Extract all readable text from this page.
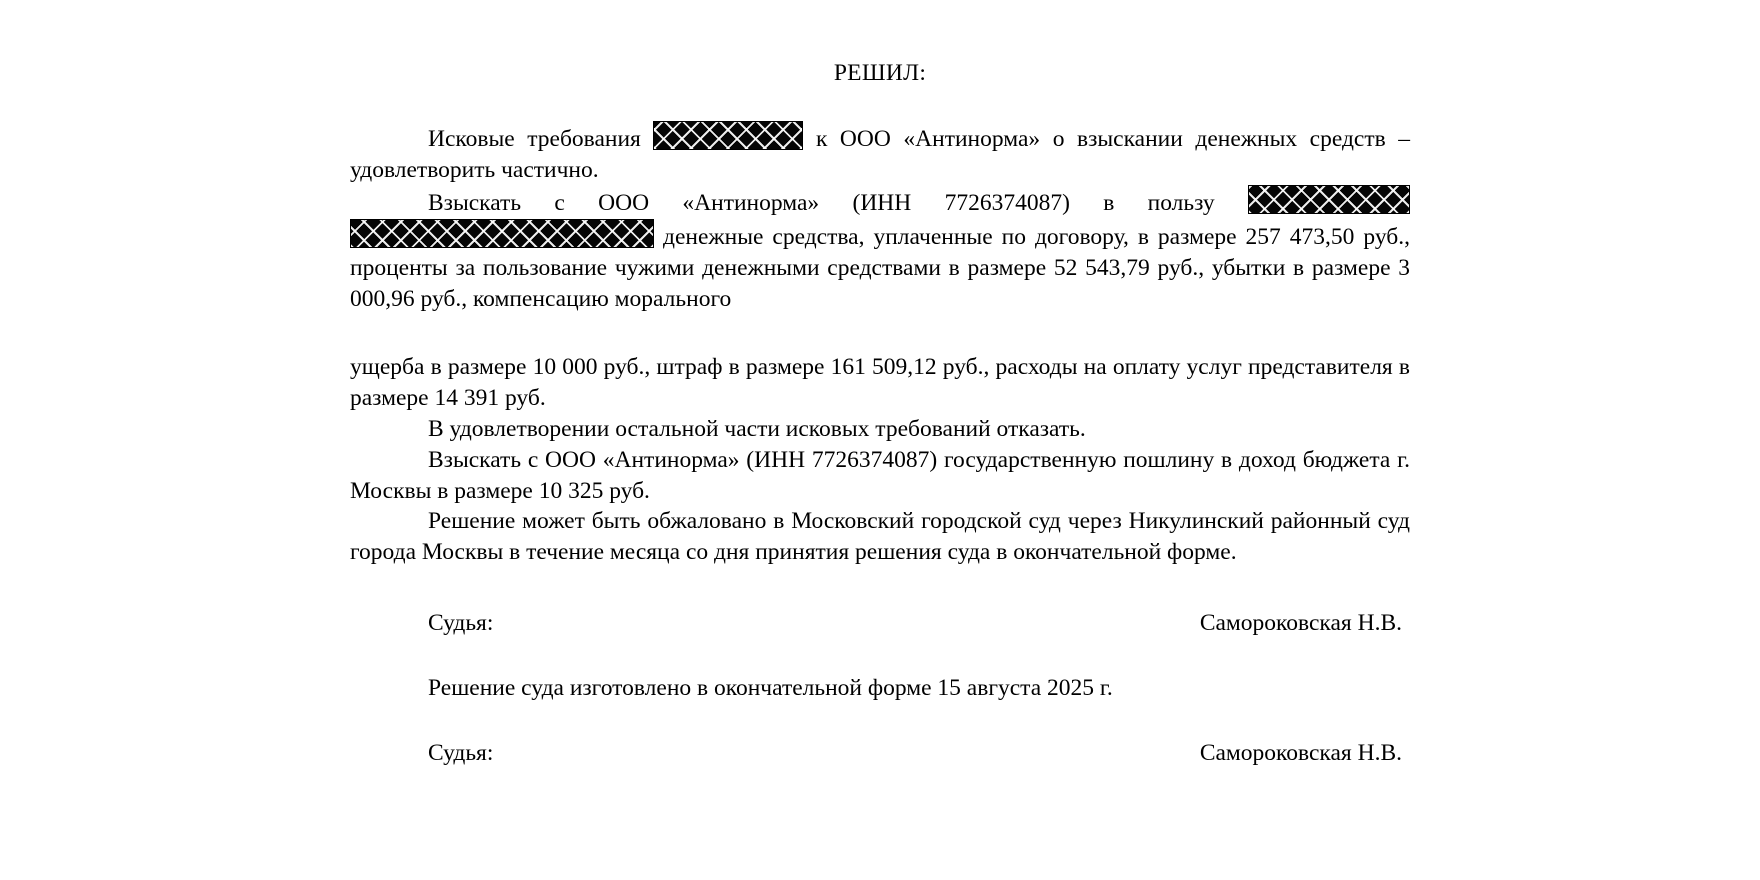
РЕШИЛ:

Исковые требования	к ООО «Антинорма» о взыскании денежных средств – удовлетворить частично.

Взыскать с ООО «Антинорма» (ИНН 7726374087) в пользу  денежные средства, уплаченные по договору, в размере 257 473,50 руб., проценты за пользование чужими денежными средствами в размере 52 543,79 руб., убытки в размере 3 000,96 руб., компенсацию морального

ущерба в размере 10 000 руб., штраф в размере 161 509,12 руб., расходы на оплату услуг представителя в размере 14 391 руб.

В удовлетворении остальной части исковых требований отказать.

Взыскать с ООО «Антинорма» (ИНН 7726374087) государственную пошлину в доход бюджета г. Москвы в размере 10 325 руб.

Решение может быть обжаловано в Московский городской суд через Никулинский районный суд города Москвы в течение месяца со дня принятия решения суда в окончательной форме.

Судья:	Самороковская Н.В.
Решение суда изготовлено в окончательной форме 15 августа 2025 г.
Судья:	Самороковская Н.В.
